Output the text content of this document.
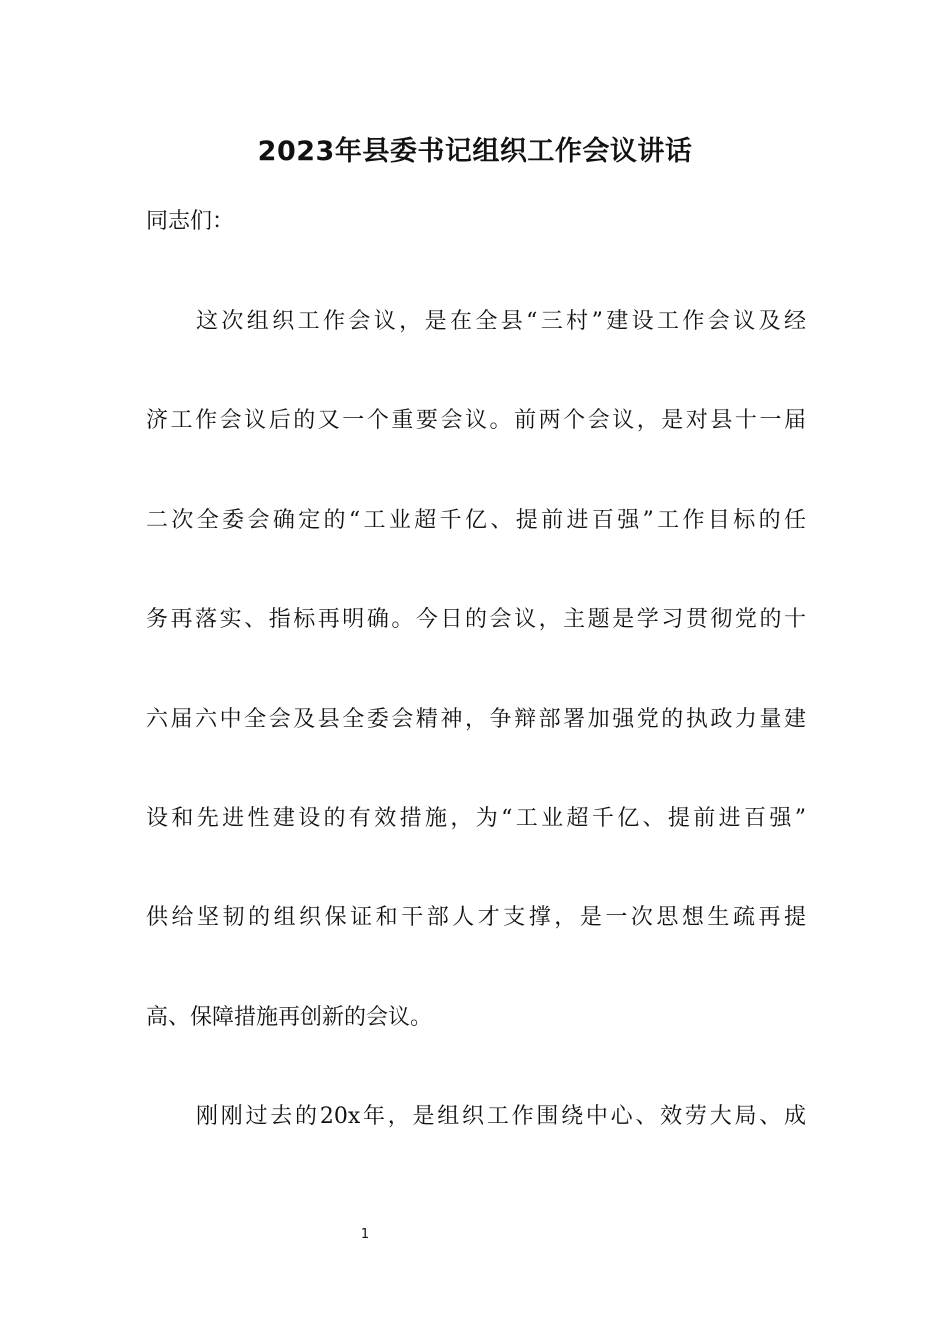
2023年县委书记组织工作会议讲话
同志们：
这次组织工作会议，是在全县“三村”建设工作会议及经
济工作会议后的又一个重要会议。前两个会议，是对县十一届
二次全委会确定的“工业超千亿、提前进百强”工作目标的任
务再落实、指标再明确。今日的会议，主题是学习贯彻党的十
六届六中全会及县全委会精神，争辩部署加强党的执政力量建
设和先进性建设的有效措施，为“工业超千亿、提前进百强”
供给坚韧的组织保证和干部人才支撑，是一次思想生疏再提
高、保障措施再创新的会议。
刚刚过去的20x年，是组织工作围绕中心、效劳大局、成
1
